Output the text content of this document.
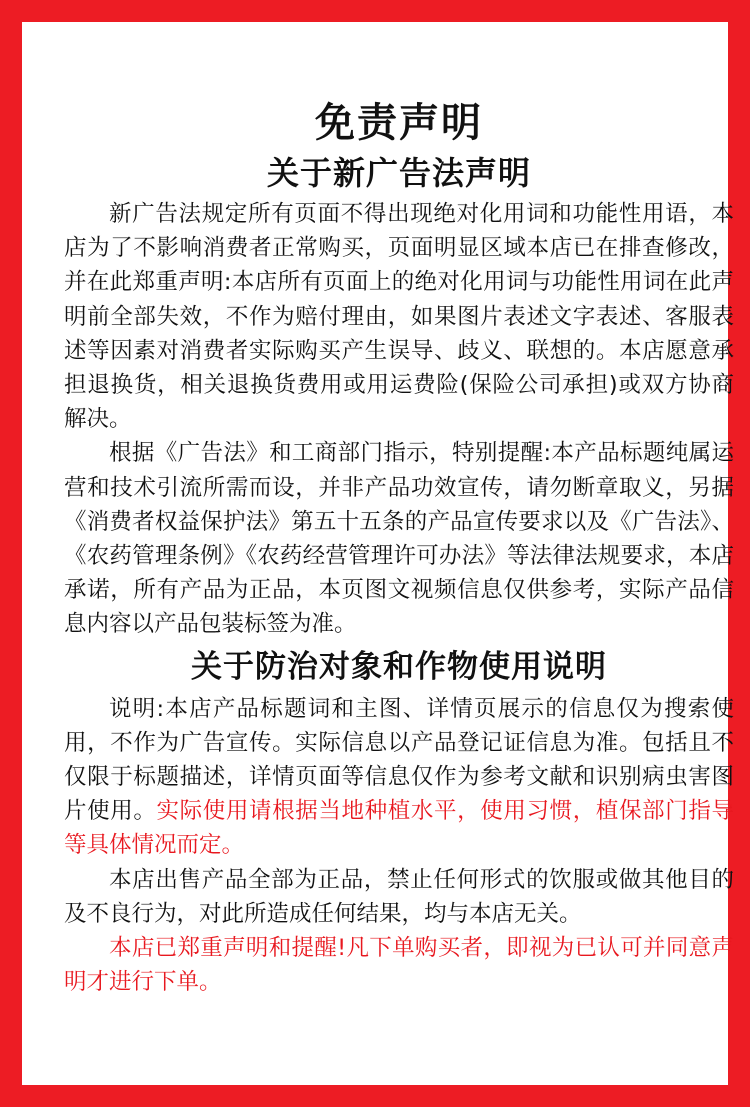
免责声明
关于新广告法声明

新广告法规定所有页面不得出现绝对化用词和功能性用语，本店为了不影响消费者正常购买，页面明显区域本店已在排查修改，并在此郑重声明:本店所有页面上的绝对化用词与功能性用词在此声明前全部失效，不作为赔付理由，如果图片表述文字表述、客服表述等因素对消费者实际购买产生误导、歧义、联想的。本店愿意承担退换货，相关退换货费用或用运费险(保险公司承担)或双方协商解决。

根据《广告法》和工商部门指示，特别提醒:本产品标题纯属运营和技术引流所需而设，并非产品功效宣传，请勿断章取义，另据《消费者权益保护法》第五十五条的产品宣传要求以及《广告法》、《农药管理条例》《农药经营管理许可办法》等法律法规要求，本店承诺，所有产品为正品，本页图文视频信息仅供参考，实际产品信息内容以产品包装标签为准。

关于防治对象和作物使用说明

说明:本店产品标题词和主图、详情页展示的信息仅为搜索使用，不作为广告宣传。实际信息以产品登记证信息为准。包括且不仅限于标题描述，详情页面等信息仅作为参考文献和识别病虫害图片使用。实际使用请根据当地种植水平，使用习惯，植保部门指导等具体情况而定。

本店出售产品全部为正品，禁止任何形式的饮服或做其他目的及不良行为，对此所造成任何结果，均与本店无关。

本店已郑重声明和提醒!凡下单购买者，即视为已认可并同意声明才进行下单。
